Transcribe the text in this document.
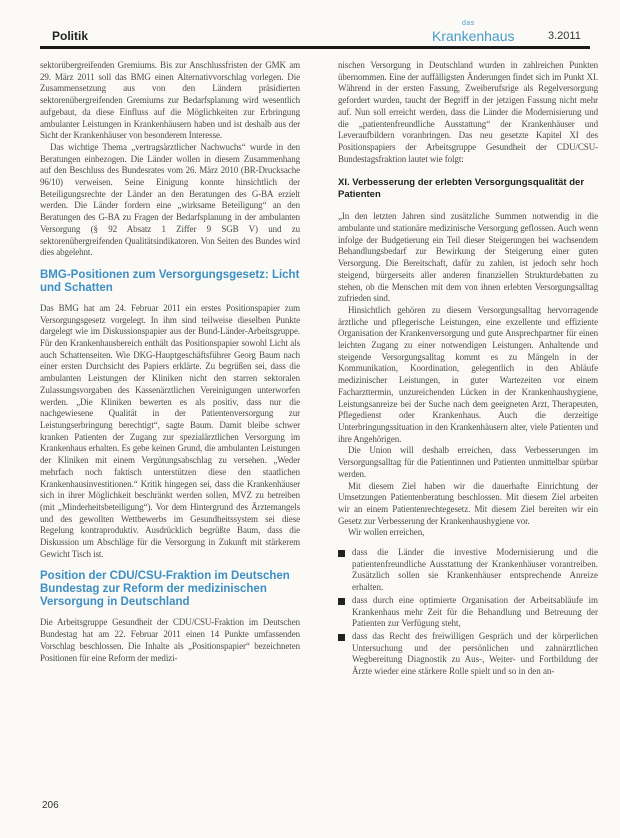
Politik
das
Krankenhaus	3.2011

sektorübergreifenden Gremiums. Bis zur Anschlussfristen der GMK am 29. März 2011 soll das BMG einen Alternativvorschlag vorlegen. Die Zusammensetzung aus von den Ländern präsidierten sektorenübergreifenden Gremiums zur Bedarfsplanung wird wesentlich aufgebaut, da diese Einfluss auf die Möglichkeiten zur Erbringung ambulanter Leistungen in Krankenhäusern haben und ist deshalb aus der Sicht der Krankenhäuser von besonderem Interesse.

Das wichtige Thema „vertragsärztlicher Nachwuchs“ wurde in den Beratungen einbezogen. Die Länder wollen in diesem Zusammenhang auf den Beschluss des Bundesrates vom 26. März 2010 (BR-Drucksache 96/10) verweisen. Seine Einigung konnte hinsichtlich der Beteiligungsrechte der Länder an den Beratungen des G-BA erzielt werden. Die Länder fordern eine „wirksame Beteiligung“ an den Beratungen des G-BA zu Fragen der Bedarfsplanung in der ambulanten Versorgung (§ 92 Absatz 1 Ziffer 9 SGB V) und zu sektorenübergreifenden Qualitätsindikatoren. Von Seiten des Bundes wird dies abgelehnt.

BMG-Positionen zum Versorgungsgesetz: Licht und Schatten

Das BMG hat am 24. Februar 2011 ein erstes Positionspapier zum Versorgungsgesetz vorgelegt. In ihm sind teilweise dieselben Punkte dargelegt wie im Diskussionspapier aus der Bund-Länder-Arbeitsgruppe. Für den Krankenhausbereich enthält das Positionspapier sowohl Licht als auch Schattenseiten. Wie DKG-Hauptgeschäftsführer Georg Baum nach einer ersten Durchsicht des Papiers erklärte. Zu begrüßen sei, dass die ambulanten Leistungen der Kliniken nicht den starren sektoralen Zulassungsvorgaben des Kassenärztlichen Vereinigungen unterworfen werden. „Die Kliniken bewerten es als positiv, dass nur die nachgewiesene Qualität in der Patientenversorgung zur Leistungserbringung berechtigt“, sagte Baum. Damit bleibe schwer kranken Patienten der Zugang zur spezialärztlichen Versorgung im Krankenhaus erhalten. Es gebe keinen Grund, die ambulanten Leistungen der Kliniken mit einem Vergütungsabschlag zu versehen. „Weder mehrfach noch faktisch unterstützen diese den staatlichen Krankenhausinvestitionen.“ Kritik hingegen sei, dass die Krankenhäuser sich in ihrer Möglichkeit beschränkt werden sollen, MVZ zu betreiben (mit „Minderheitsbeteiligung“). Vor dem Hintergrund des Ärztemangels und des gewollten Wettbewerbs im Gesundheitssystem sei diese Regelung kontraproduktiv. Ausdrücklich begrüßte Baum, dass die Diskussion um Abschläge für die Versorgung in Zukunft mit stärkerem Gewicht Tisch ist.

Position der CDU/CSU-Fraktion im Deutschen Bundestag zur Reform der medizinischen Versorgung in Deutschland

Die Arbeitsgruppe Gesundheit der CDU/CSU-Fraktion im Deutschen Bundestag hat am 22. Februar 2011 einen 14 Punkte umfassenden Vorschlag beschlossen. Die Inhalte als „Positionspapier“ bezeichneten Positionen für eine Reform der medizi-

nischen Versorgung in Deutschland wurden in zahlreichen Punkten übernommen. Eine der auffälligsten Änderungen findet sich im Punkt XI. Während in der ersten Fassung, Zweiberufsrige als Regelversorgung gefordert wurden, taucht der Begriff in der jetzigen Fassung nicht mehr auf. Nun soll erreicht werden, dass die Länder die Modernisierung und die „patientenfreundliche Ausstattung“ der Krankenhäuser und Leveraufbildern voranbringen. Das neu gesetzte Kapitel XI des Positionspapiers der Arbeitsgruppe Gesundheit der CDU/CSU-Bundestagsfraktion lautet wie folgt:

XI. Verbesserung der erlebten Versorgungsqualität der Patienten

„In den letzten Jahren sind zusätzliche Summen notwendig in die ambulante und stationäre medizinische Versorgung geflossen. Auch wenn infolge der Budgetierung ein Teil dieser Steigerungen bei wachsendem Behandlungsbedarf zur Bewirkung der Steigerung einer guten Versorgung. Die Bereitschaft, dafür zu zahlen, ist jedoch sehr hoch steigend, bürgerseits aller anderen finanziellen Strukturdebatten zu stehen, ob die Menschen mit dem von ihnen erlebten Versorgungsalltag zufrieden sind.

Hinsichtlich gehören zu diesem Versorgungsalltag hervorragende ärztliche und pflegerische Leistungen, eine exzellente und effiziente Organisation der Krankenversorgung und gute Ansprechpartner für einen leichten Zugang zu einer notwendigen Leistungen. Anhaltende und steigende Versorgungsalltag kommt es zu Mängeln in der Kommunikation, Koordination, gelegentlich in den Abläufe medizinischer Leistungen, in guter Wartezeiten vor einem Facharzttermin, unzureichenden Lücken in der Krankenhaushygiene, Leistungsanreize bei der Suche nach dem geeigneten Arzt, Therapeuten, Pflegedienst oder Krankenhaus. Auch die derzeitige Unterbringungssituation in den Krankenhäusern alter, viele Patienten und ihre Angehörigen.

Die Union will deshalb erreichen, dass Verbesserungen im Versorgungsalltag für die Patientinnen und Patienten unmittelbar spürbar werden.

Mit diesem Ziel haben wir die dauerhafte Einrichtung der Umsetzungen Patientenberatung beschlossen. Mit diesem Ziel arbeiten wir an einem Patientenrechtegesetz. Mit diesem Ziel bereiten wir ein Gesetz zur Verbesserung der Krankenhaushygiene vor.

Wir wollen erreichen,

dass die Länder die investive Modernisierung und die patientenfreundliche Ausstattung der Krankenhäuser vorantreiben. Zusätzlich sollen sie Krankenhäuser entsprechende Anreize erhalten.
dass durch eine optimierte Organisation der Arbeitsabläufe im Krankenhaus mehr Zeit für die Behandlung und Betreuung der Patienten zur Verfügung steht,
dass das Recht des freiwilligen Gespräch und der körperlichen Untersuchung und der persönlichen und zahnärztlichen Wegbereitung Diagnostik zu Aus-, Weiter- und Fortbildung der Ärzte wieder eine stärkere Rolle spielt und so in den an-
206
